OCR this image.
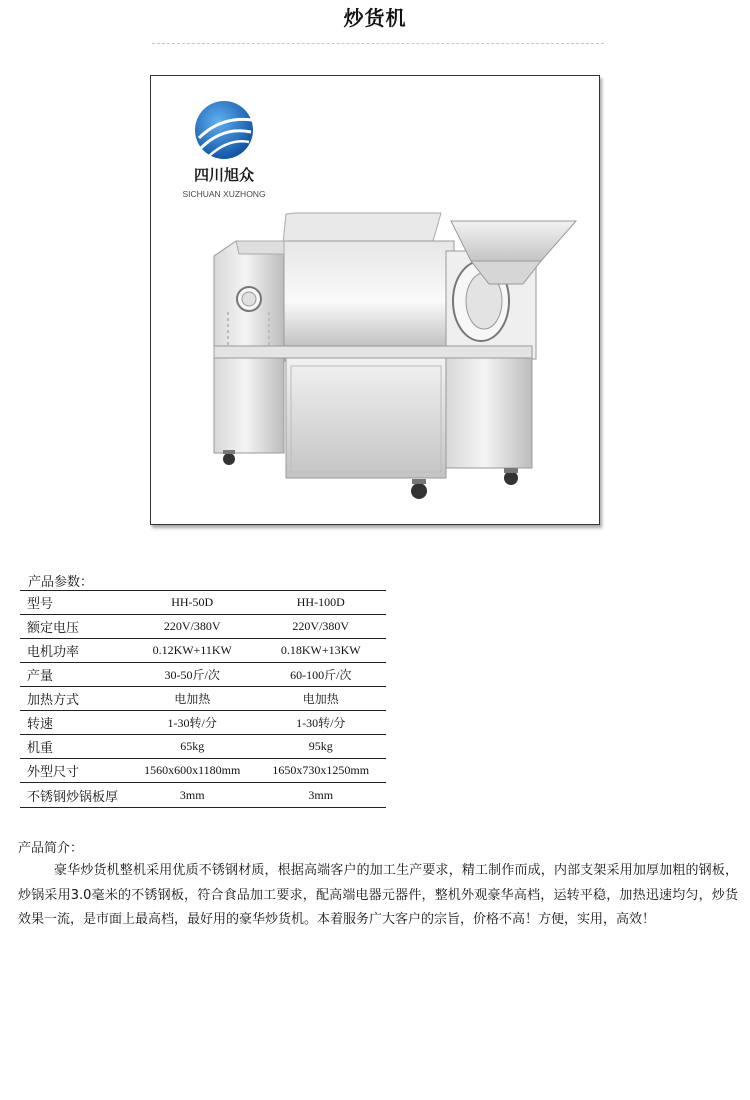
炒货机
四川旭众
SICHUAN XUZHONG
产品参数：
型号	HH-50D	HH-100D
额定电压	220V/380V	220V/380V
电机功率	0.12KW+11KW	0.18KW+13KW
产量	30-50斤/次	60-100斤/次
加热方式	电加热	电加热
转速	1-30转/分	1-30转/分
机重	65kg	95kg
外型尺寸	1560x600x1180mm	1650x730x1250mm
不锈钢炒锅板厚	3mm	3mm
产品简介：
豪华炒货机整机采用优质不锈钢材质，根据高端客户的加工生产要求，精工制作而成，内部支架采用加厚加粗的钢板，炒锅采用3.0毫米的不锈钢板，符合食品加工要求，配高端电器元器件，整机外观豪华高档，运转平稳，加热迅速均匀，炒货效果一流，是市面上最高档，最好用的豪华炒货机。本着服务广大客户的宗旨，价格不高！方便，实用，高效！
